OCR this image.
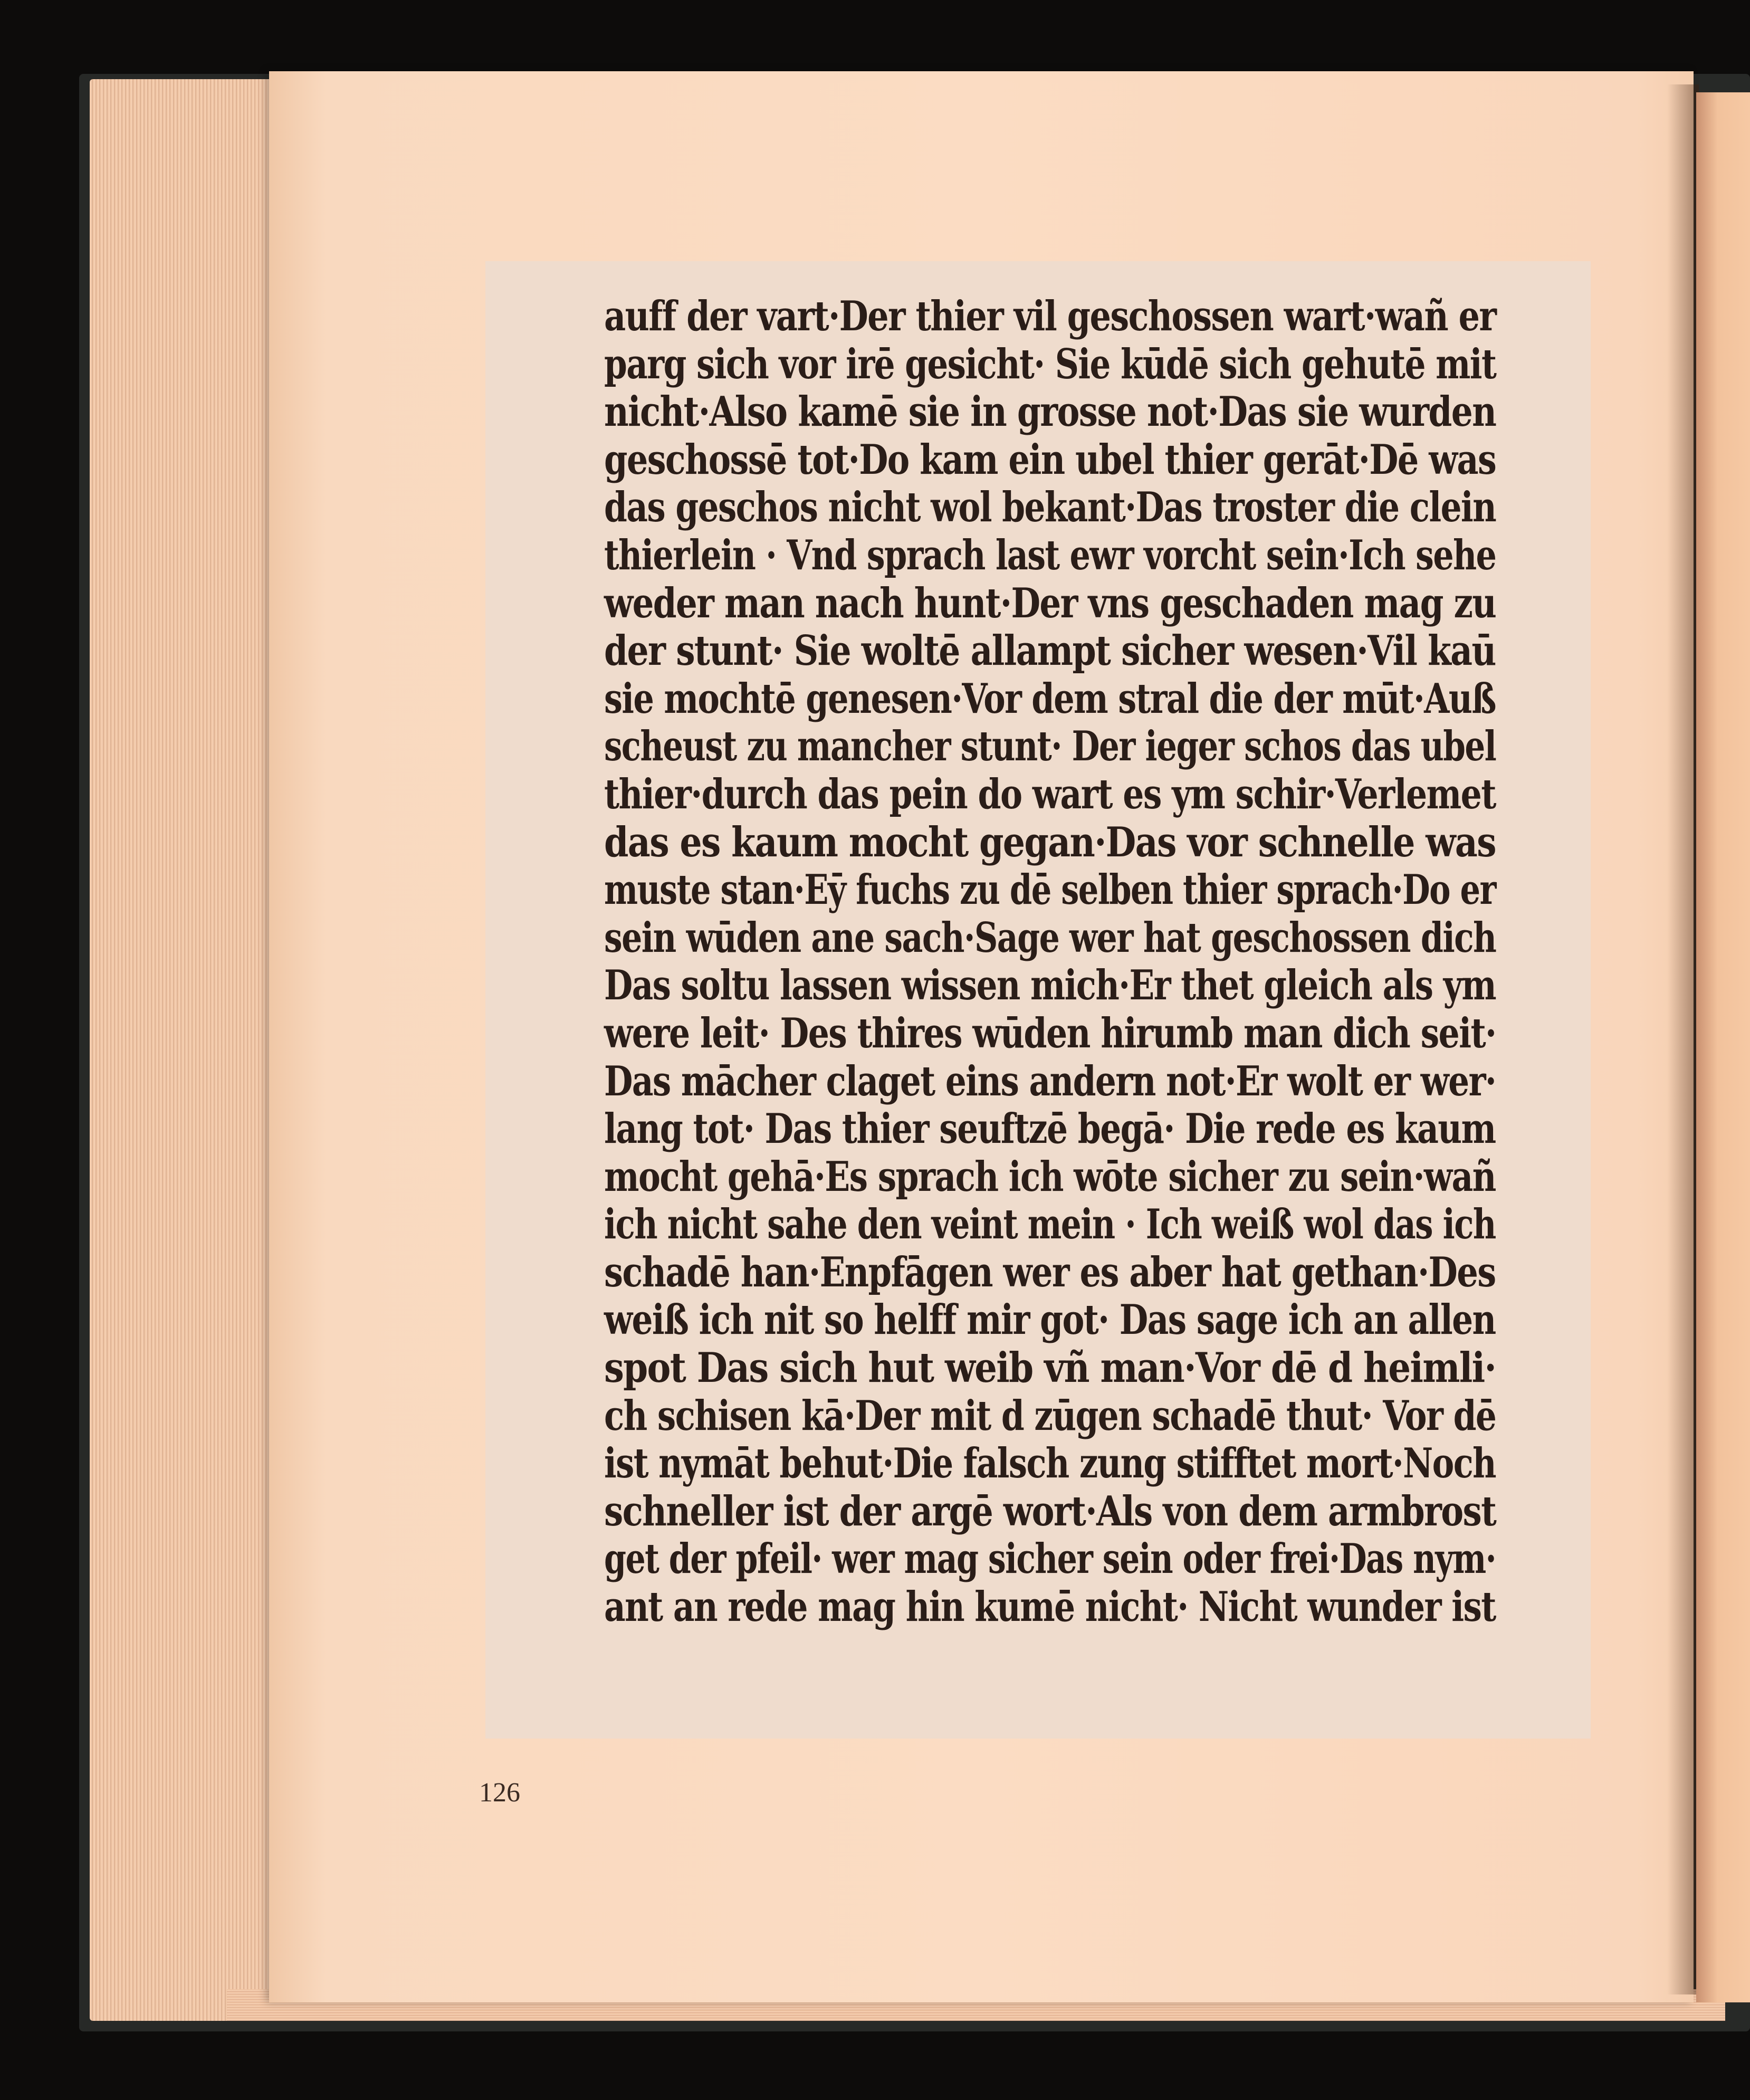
auff der vart·Der thier vil geschossen wart·wañ er
parg sich vor irē gesicht· Sie kūdē sich gehutē mit
nicht·Also kamē sie in grosse not·Das sie wurden
geschossē tot·Do kam ein ubel thier gerāt·Dē was
das geschos nicht wol bekant·Das troster die clein
thierlein · Vnd sprach last ewr vorcht sein·Ich sehe
weder man nach hunt·Der vns geschaden mag zu
der stunt· Sie woltē allampt sicher wesen·Vil kaū
sie mochtē genesen·Vor dem stral die der mūt·Auß
scheust zu mancher stunt· Der ieger schos das ubel
thier·durch das pein do wart es ym schir·Verlemet
das es kaum mocht gegan·Das vor schnelle was
muste stan·Eȳ fuchs zu dē selben thier sprach·Do er
sein wūden ane sach·Sage wer hat geschossen dich
Das soltu lassen wissen mich·Er thet gleich als ym
were leit· Des thires wūden hirumb man dich seit·
Das mācher claget eins andern not·Er wolt er wer·
lang tot· Das thier seuftzē begā· Die rede es kaum
mocht gehā·Es sprach ich wōte sicher zu sein·wañ
ich nicht sahe den veint mein · Ich weiß wol das ich
schadē han·Enpfāgen wer es aber hat gethan·Des
weiß ich nit so helff mir got· Das sage ich an allen
spot Das sich hut weib vñ man·Vor dē d heimli·
ch schisen kā·Der mit d zūgen schadē thut· Vor dē
ist nymāt behut·Die falsch zung stifftet mort·Noch
schneller ist der argē wort·Als von dem armbrost
get der pfeil· wer mag sicher sein oder frei·Das nym·
ant an rede mag hin kumē nicht· Nicht wunder ist
126
